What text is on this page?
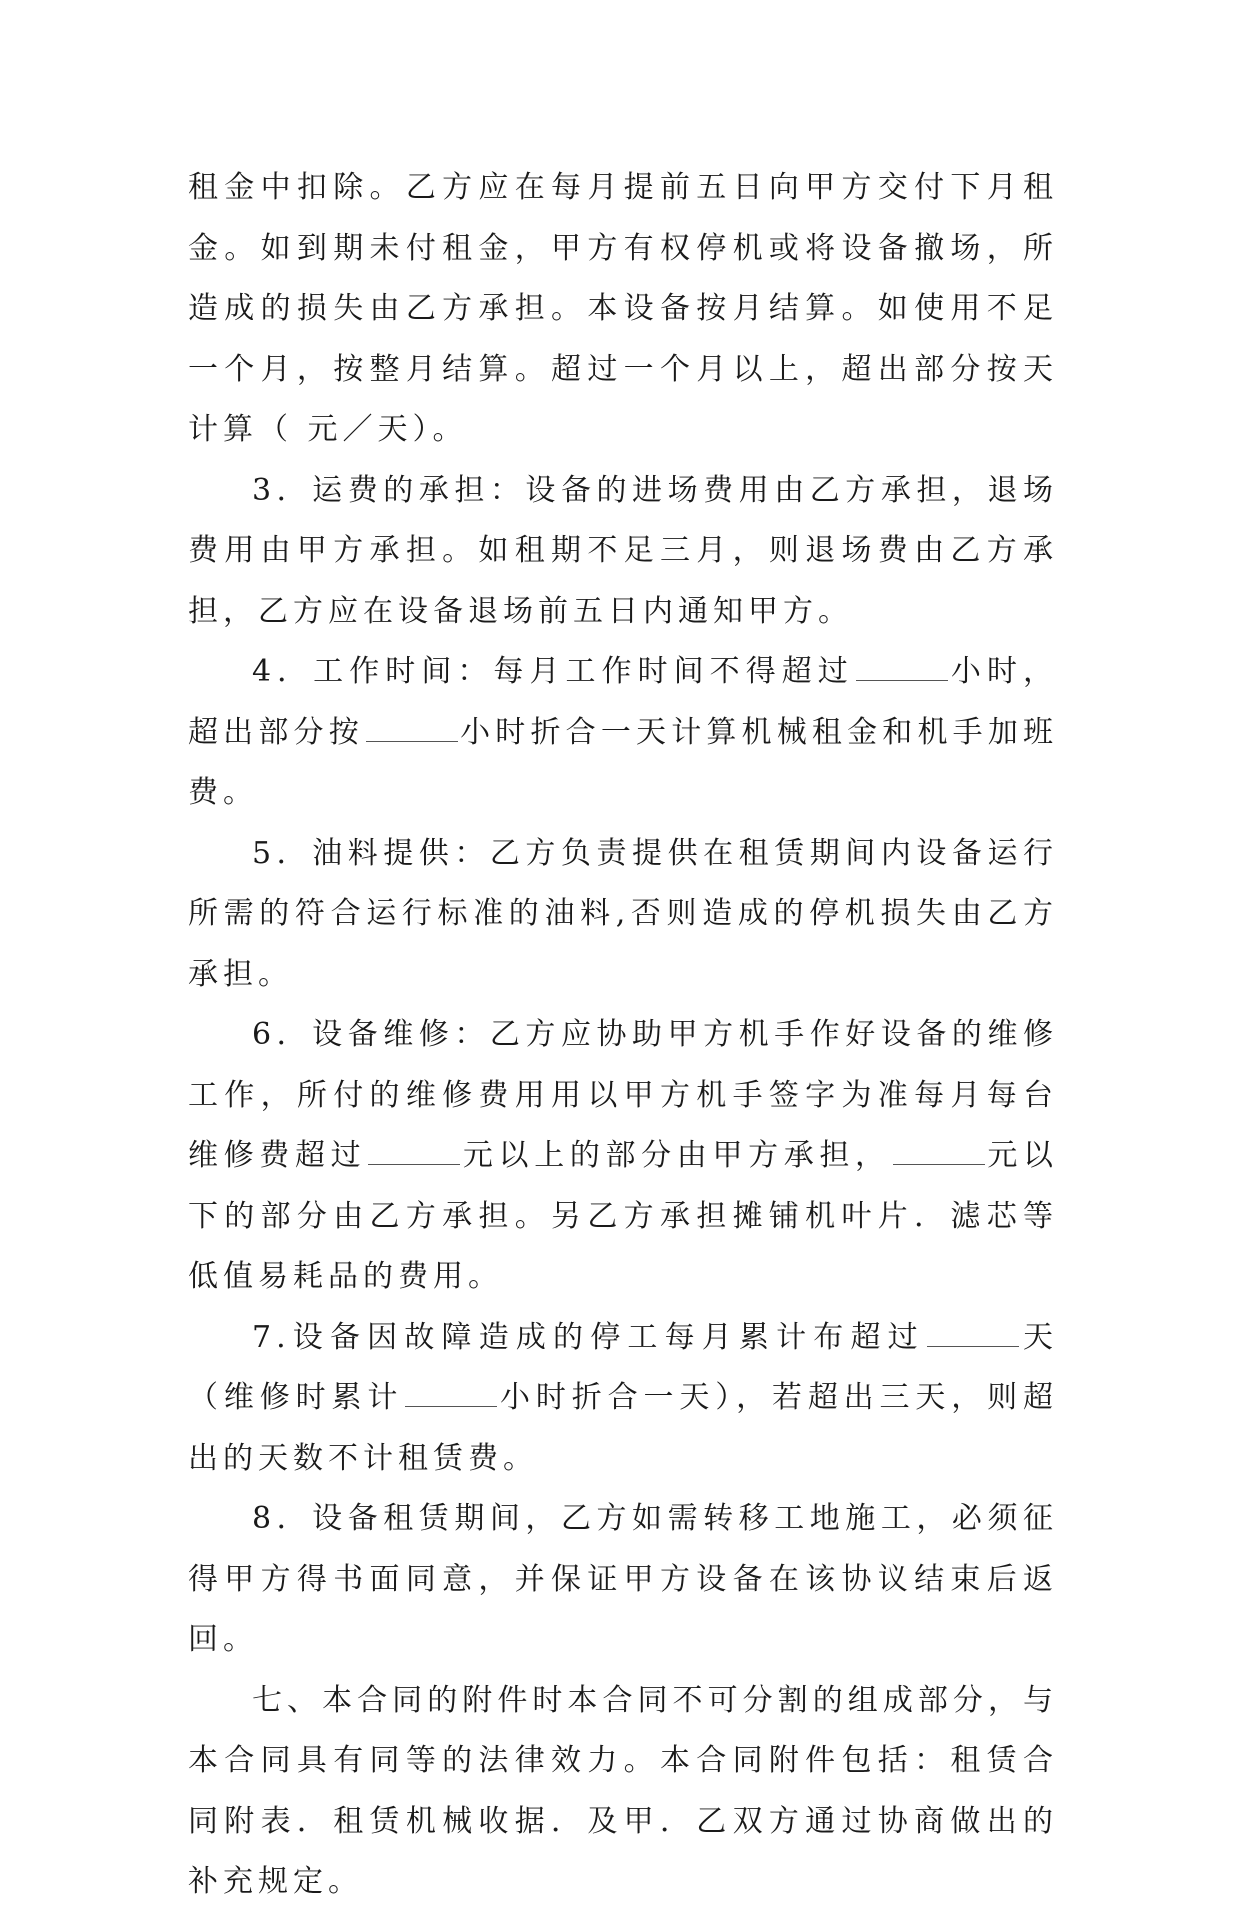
租金中扣除。乙方应在每月提前五日向甲方交付下月租金。如到期未付租金，甲方有权停机或将设备撤场，所造成的损失由乙方承担。本设备按月结算。如使用不足一个月，按整月结算。超过一个月以上，超出部分按天计算（ 元／天）。

3．运费的承担：设备的进场费用由乙方承担，退场费用由甲方承担。如租期不足三月，则退场费由乙方承担，乙方应在设备退场前五日内通知甲方。

4．工作时间：每月工作时间不得超过	小时，超出部分按	小时折合一天计算机械租金和机手加班费。

5．油料提供：乙方负责提供在租赁期间内设备运行所需的符合运行标准的油料,否则造成的停机损失由乙方承担。

6．设备维修：乙方应协助甲方机手作好设备的维修工作，所付的维修费用用以甲方机手签字为准每月每台维修费超过	元以上的部分由甲方承担，	元以下的部分由乙方承担。另乙方承担摊铺机叶片．滤芯等低值易耗品的费用。

7.设备因故障造成的停工每月累计布超过	天（维修时累计	小时折合一天），若超出三天，则超出的天数不计租赁费。

8．设备租赁期间，乙方如需转移工地施工，必须征得甲方得书面同意，并保证甲方设备在该协议结束后返回。

七、本合同的附件时本合同不可分割的组成部分，与本合同具有同等的法律效力。本合同附件包括：租赁合同附表．租赁机械收据．及甲．乙双方通过协商做出的补充规定。
